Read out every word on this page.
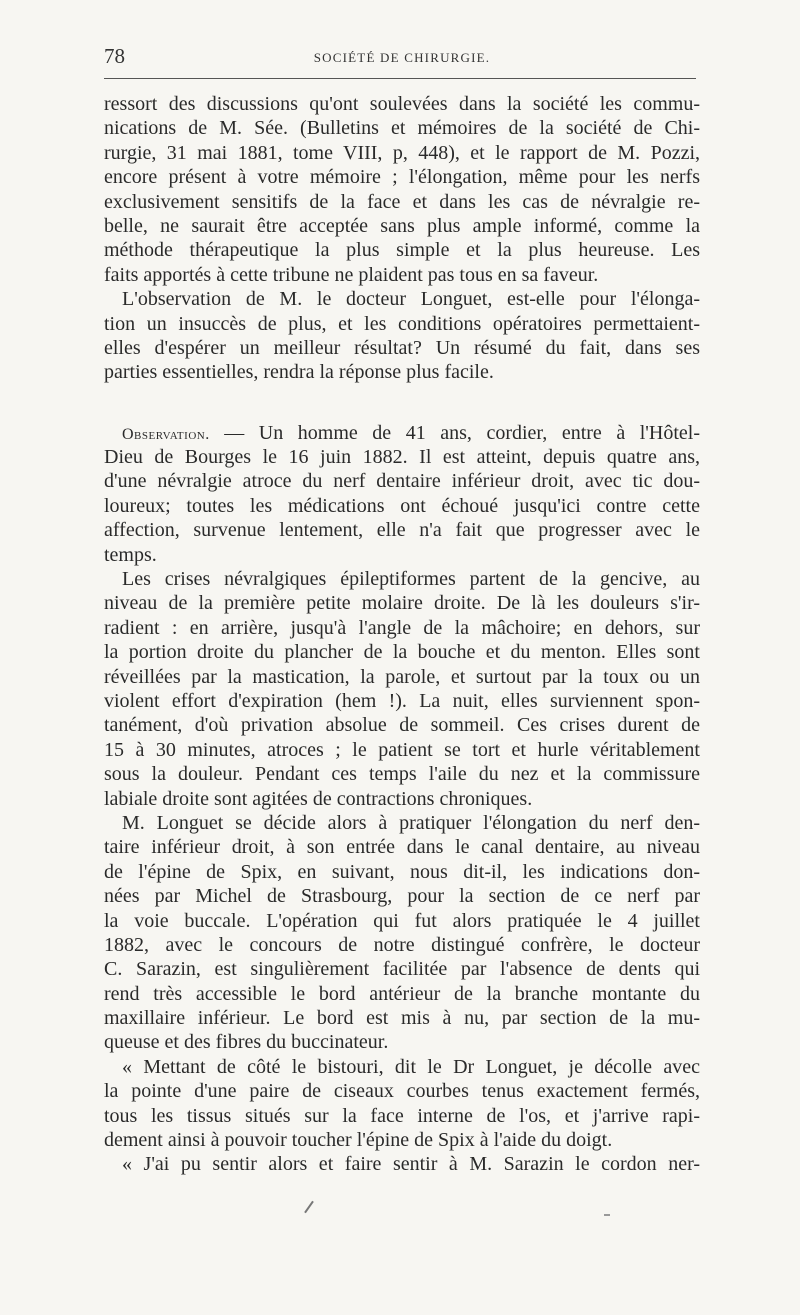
78	SOCIÉTÉ DE CHIRURGIE.
ressort des discussions qu'ont soulevées dans la société les commu-
nications de M. Sée. (Bulletins et mémoires de la société de Chi-
rurgie, 31 mai 1881, tome VIII, p, 448), et le rapport de M. Pozzi,
encore présent à votre mémoire ; l'élongation, même pour les nerfs
exclusivement sensitifs de la face et dans les cas de névralgie re-
belle, ne saurait être acceptée sans plus ample informé, comme la
méthode thérapeutique la plus simple et la plus heureuse. Les
faits apportés à cette tribune ne plaident pas tous en sa faveur.
L'observation de M. le docteur Longuet, est-elle pour l'élonga-
tion un insuccès de plus, et les conditions opératoires permettaient-
elles d'espérer un meilleur résultat? Un résumé du fait, dans ses
parties essentielles, rendra la réponse plus facile.
Observation. — Un homme de 41 ans, cordier, entre à l'Hôtel-
Dieu de Bourges le 16 juin 1882. Il est atteint, depuis quatre ans,
d'une névralgie atroce du nerf dentaire inférieur droit, avec tic dou-
loureux; toutes les médications ont échoué jusqu'ici contre cette
affection, survenue lentement, elle n'a fait que progresser avec le
temps.
Les crises névralgiques épileptiformes partent de la gencive, au
niveau de la première petite molaire droite. De là les douleurs s'ir-
radient : en arrière, jusqu'à l'angle de la mâchoire; en dehors, sur
la portion droite du plancher de la bouche et du menton. Elles sont
réveillées par la mastication, la parole, et surtout par la toux ou un
violent effort d'expiration (hem !). La nuit, elles surviennent spon-
tanément, d'où privation absolue de sommeil. Ces crises durent de
15 à 30 minutes, atroces ; le patient se tort et hurle véritablement
sous la douleur. Pendant ces temps l'aile du nez et la commissure
labiale droite sont agitées de contractions chroniques.
M. Longuet se décide alors à pratiquer l'élongation du nerf den-
taire inférieur droit, à son entrée dans le canal dentaire, au niveau
de l'épine de Spix, en suivant, nous dit-il, les indications don-
nées par Michel de Strasbourg, pour la section de ce nerf par
la voie buccale. L'opération qui fut alors pratiquée le 4 juillet
1882, avec le concours de notre distingué confrère, le docteur
C. Sarazin, est singulièrement facilitée par l'absence de dents qui
rend très accessible le bord antérieur de la branche montante du
maxillaire inférieur. Le bord est mis à nu, par section de la mu-
queuse et des fibres du buccinateur.
« Mettant de côté le bistouri, dit le Dr Longuet, je décolle avec
la pointe d'une paire de ciseaux courbes tenus exactement fermés,
tous les tissus situés sur la face interne de l'os, et j'arrive rapi-
dement ainsi à pouvoir toucher l'épine de Spix à l'aide du doigt.
« J'ai pu sentir alors et faire sentir à M. Sarazin le cordon ner-
